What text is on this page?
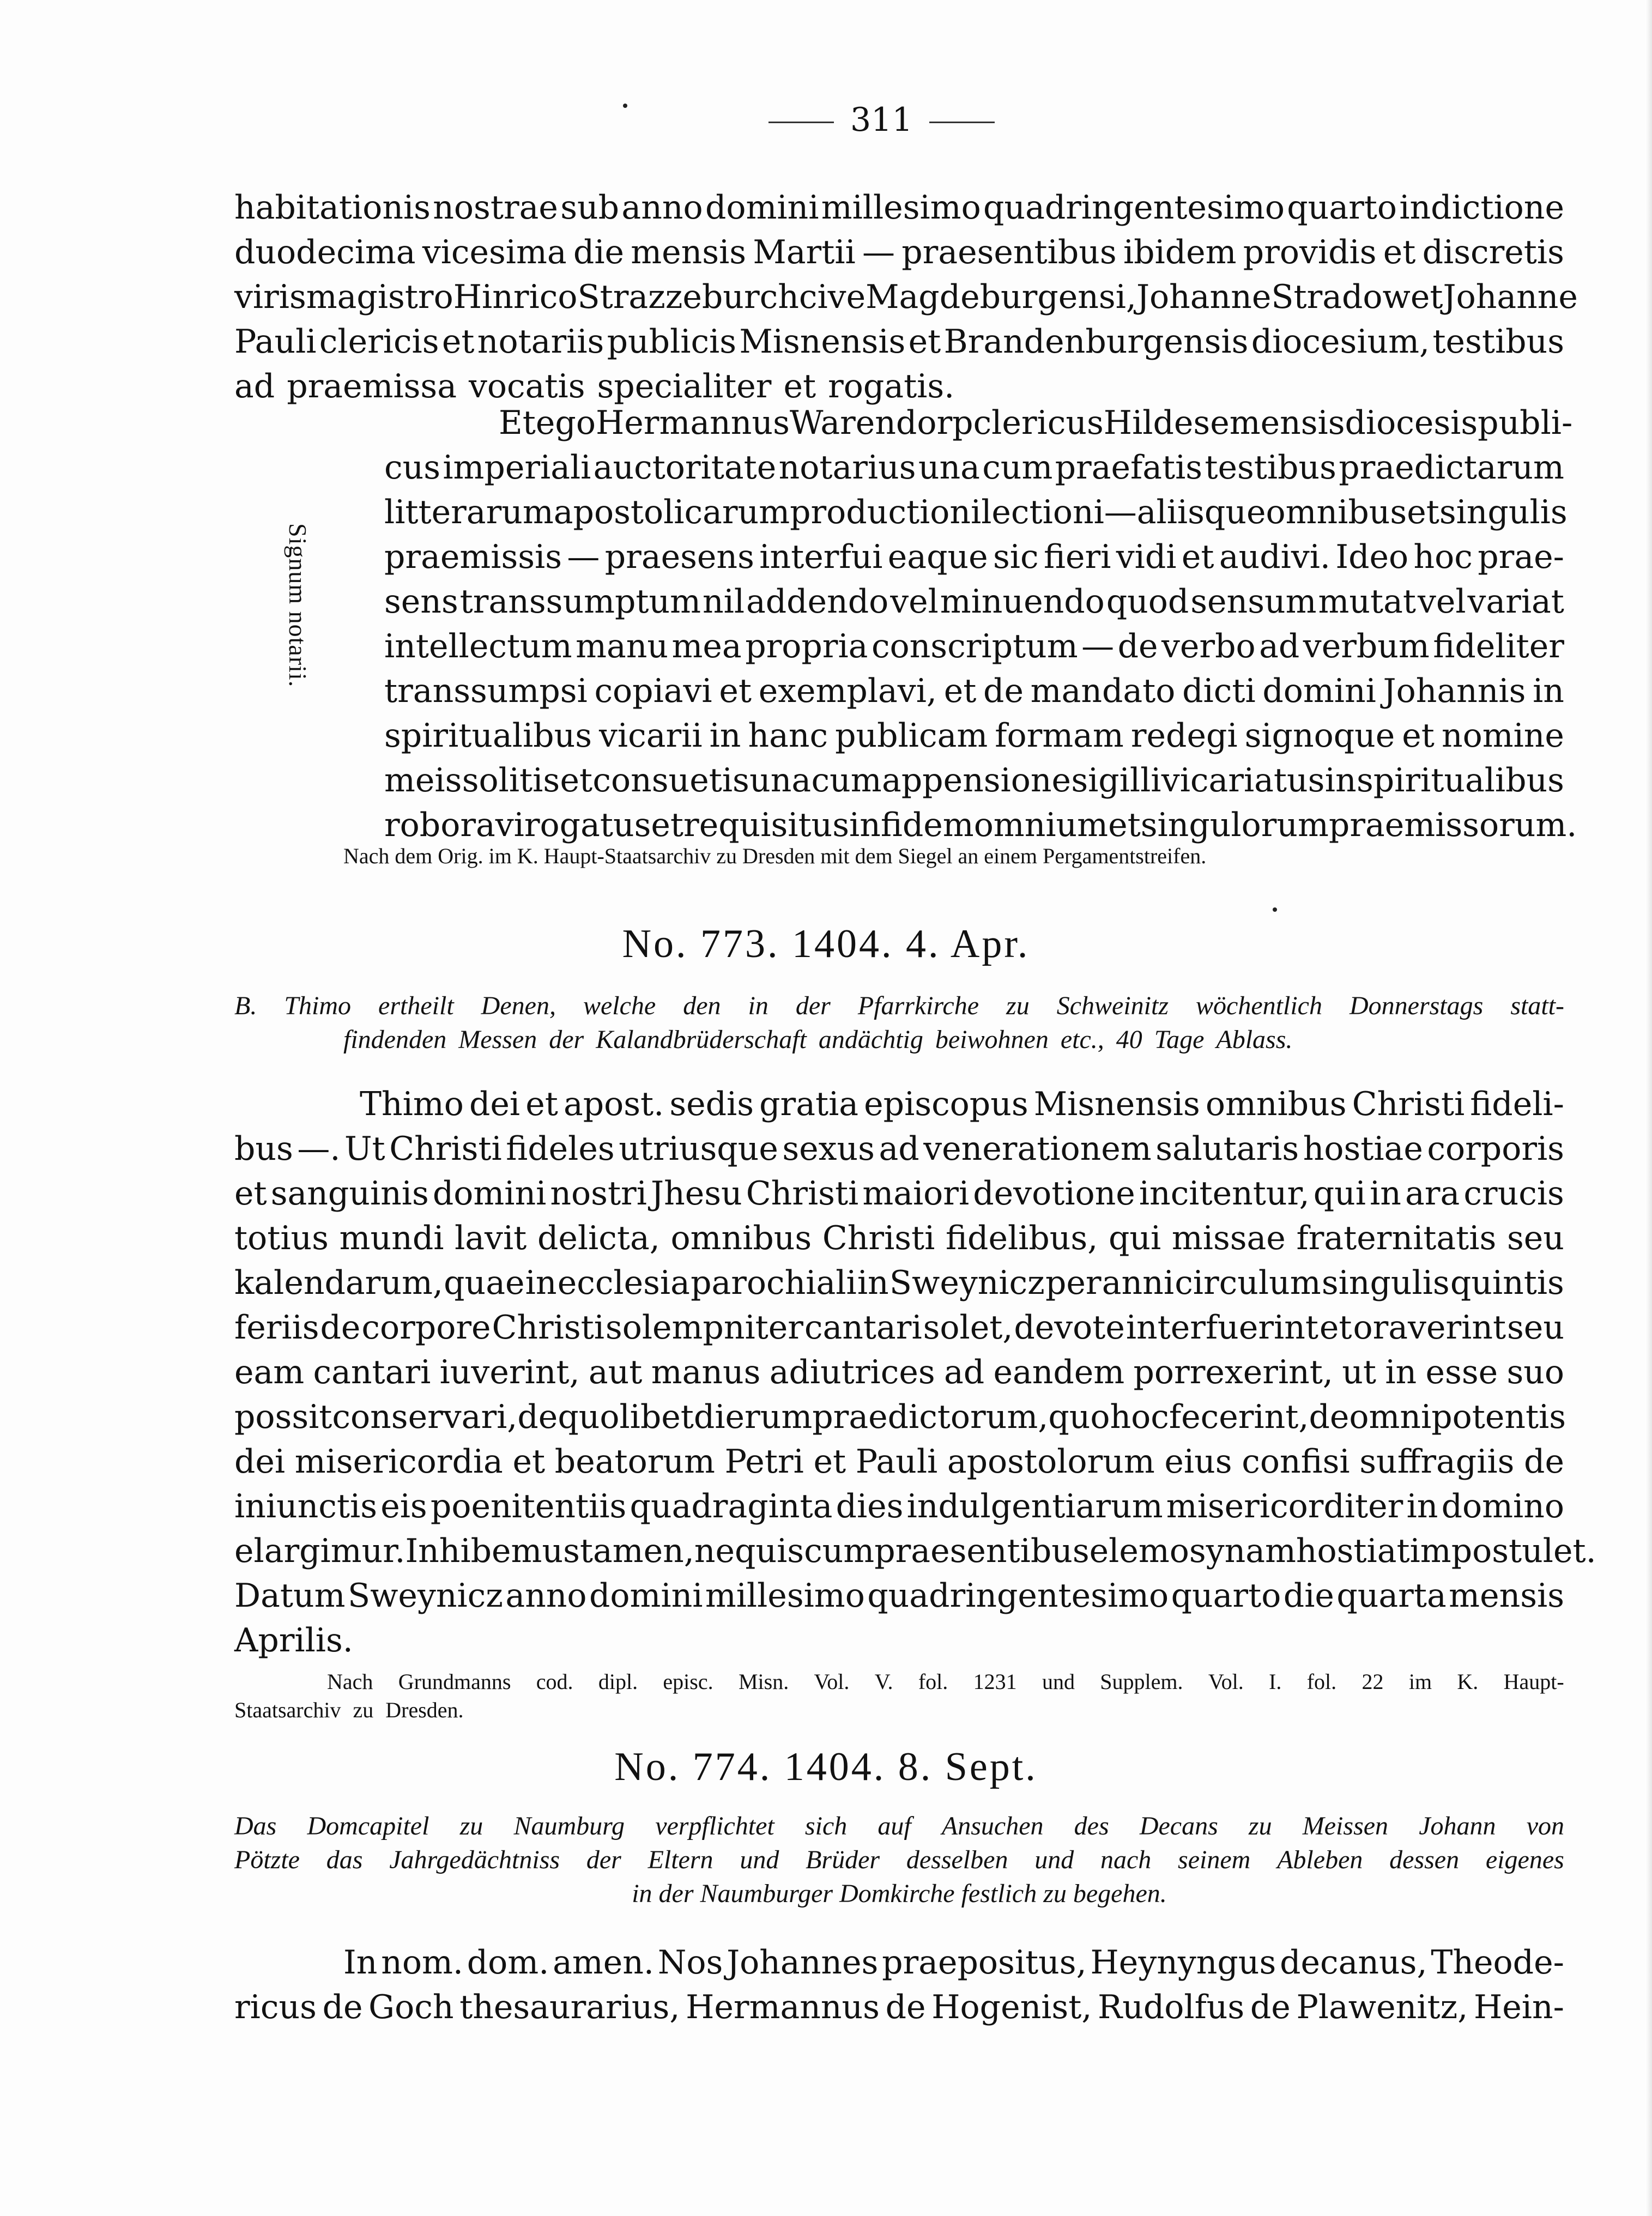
311
habitationis nostrae sub anno domini millesimo quadringentesimo quarto indictione
duodecima vicesima die mensis Martii — praesentibus ibidem providis et discretis
viris magistro Hinrico Strazzeburch cive Magdeburgensi, Johanne Stradow et Johanne
Pauli clericis et notariis publicis Misnensis et Brandenburgensis diocesium, testibus
ad praemissa vocatis specialiter et rogatis.
Et ego Hermannus Warendorp clericus Hildesemensis diocesis publi-
cus imperiali auctoritate notarius una cum praefatis testibus praedictarum
litterarum apostolicarum productioni lectioni — aliisque omnibus et singulis
praemissis — praesens interfui eaque sic fieri vidi et audivi. Ideo hoc prae-
sens transsumptum nil addendo vel minuendo quod sensum mutat vel variat
intellectum manu mea propria conscriptum — de verbo ad verbum fideliter
transsumpsi copiavi et exemplavi, et de mandato dicti domini Johannis in
spiritualibus vicarii in hanc publicam formam redegi signoque et nomine
meis solitis et consuetis una cum appensione sigilli vicariatus in spiritualibus
roboravi rogatus et requisitus in fidem omnium et singulorum praemissorum.
Signum notarii.
Nach dem Orig. im K. Haupt-Staatsarchiv zu Dresden mit dem Siegel an einem Pergamentstreifen.
No. 773. 1404. 4. Apr.
B. Thimo ertheilt Denen, welche den in der Pfarrkirche zu Schweinitz wöchentlich Donnerstags statt-
findenden Messen der Kalandbrüderschaft andächtig beiwohnen etc., 40 Tage Ablass.
Thimo dei et apost. sedis gratia episcopus Misnensis omnibus Christi fideli-
bus —. Ut Christi fideles utriusque sexus ad venerationem salutaris hostiae corporis
et sanguinis domini nostri Jhesu Christi maiori devotione incitentur, qui in ara crucis
totius mundi lavit delicta, omnibus Christi fidelibus, qui missae fraternitatis seu
kalendarum, quae in ecclesia parochiali in Sweynicz per anni circulum singulis quintis
feriis de corpore Christi solempniter cantari solet, devote interfuerint et oraverint seu
eam cantari iuverint, aut manus adiutrices ad eandem porrexerint, ut in esse suo
possit conservari, de quolibet dierum praedictorum, quo hoc fecerint, de omnipotentis
dei misericordia et beatorum Petri et Pauli apostolorum eius confisi suffragiis de
iniunctis eis poenitentiis quadraginta dies indulgentiarum misericorditer in domino
elargimur. Inhibemus tamen, ne quis cum praesentibus elemosynam hostiatim postulet.
Datum Sweynicz anno domini millesimo quadringentesimo quarto die quarta mensis
Aprilis.
Nach Grundmanns cod. dipl. episc. Misn. Vol. V. fol. 1231 und Supplem. Vol. I. fol. 22 im K. Haupt-
Staatsarchiv zu Dresden.
No. 774. 1404. 8. Sept.
Das Domcapitel zu Naumburg verpflichtet sich auf Ansuchen des Decans zu Meissen Johann von
Pötzte das Jahrgedächtniss der Eltern und Brüder desselben und nach seinem Ableben dessen eigenes
in der Naumburger Domkirche festlich zu begehen.
In nom. dom. amen. Nos Johannes praepositus, Heynyngus decanus, Theode-
ricus de Goch thesaurarius, Hermannus de Hogenist, Rudolfus de Plawenitz, Hein-
